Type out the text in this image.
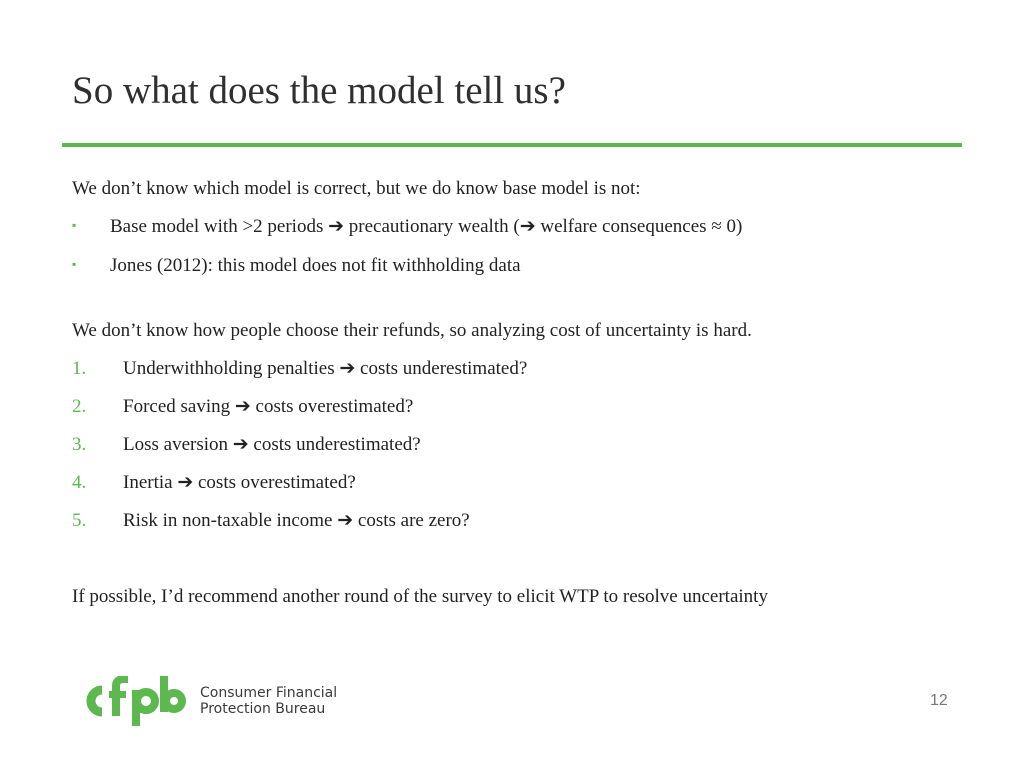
So what does the model tell us?

We don’t know which model is correct, but we do know base model is not:

▪	Base model with >2 periods ➔ precautionary wealth (➔ welfare consequences ≈ 0)
▪	Jones (2012): this model does not fit withholding data

We don’t know how people choose their refunds, so analyzing cost of uncertainty is hard.

1.	Underwithholding penalties ➔ costs underestimated?
2.	Forced saving ➔ costs overestimated?
3.	Loss aversion ➔ costs underestimated?
4.	Inertia ➔ costs overestimated?
5.	Risk in non-taxable income ➔ costs are zero?

If possible, I’d recommend another round of the survey to elicit WTP to resolve uncertainty

Consumer Financial
Protection Bureau	12
